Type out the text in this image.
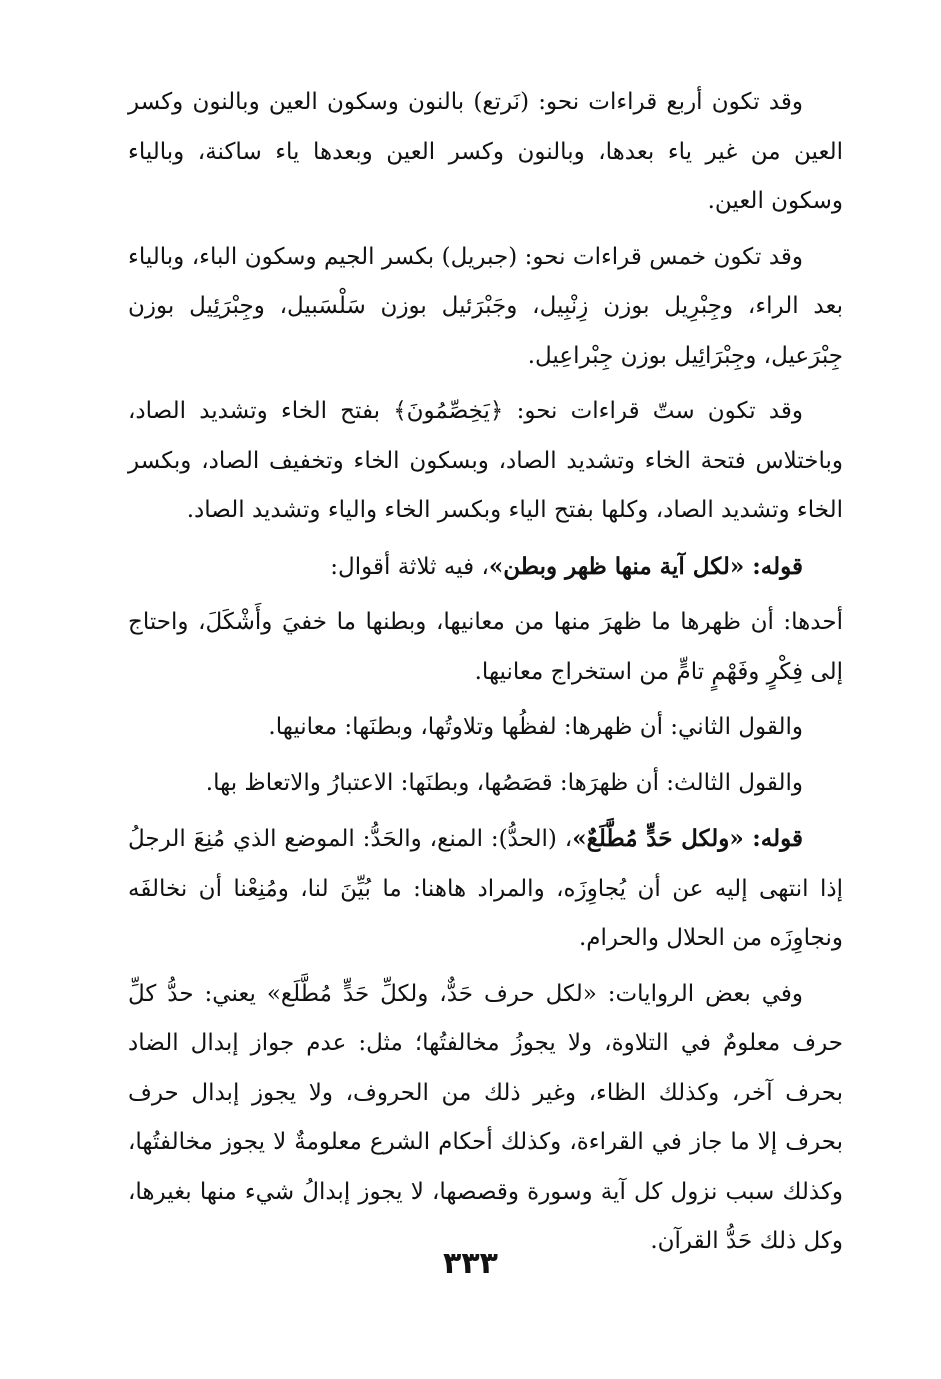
وقد تكون أربع قراءات نحو: (نَرتع) بالنون وسكون العين وبالنون وكسر العين من غير ياء بعدها، وبالنون وكسر العين وبعدها ياء ساكنة، وبالياء وسكون العين.

وقد تكون خمس قراءات نحو: (جبريل) بكسر الجيم وسكون الباء، وبالياء بعد الراء، وجِبْرِيل بوزن زِنْبِيل، وجَبْرَئيل بوزن سَلْسَبيل، وجِبْرَئِيل بوزن جِبْرَعيل، وجِبْرَائِيل بوزن جِبْراعِيل.

وقد تكون ستّ قراءات نحو: ﴿يَخِصِّمُونَ﴾ بفتح الخاء وتشديد الصاد، وباختلاس فتحة الخاء وتشديد الصاد، وبسكون الخاء وتخفيف الصاد، وبكسر الخاء وتشديد الصاد، وكلها بفتح الياء وبكسر الخاء والياء وتشديد الصاد.

قوله: «لكل آية منها ظهر وبطن»، فيه ثلاثة أقوال:

أحدها: أن ظهرها ما ظهرَ منها من معانيها، وبطنها ما خفيَ وأَشْكَلَ، واحتاج إلى فِكْرٍ وفَهْمٍ تامٍّ من استخراج معانيها.

والقول الثاني: أن ظهرها: لفظُها وتلاوتُها، وبطنَها: معانيها.

والقول الثالث: أن ظهرَها: قصَصُها، وبطنَها: الاعتبارُ والاتعاظ بها.

قوله: «ولكل حَدٍّ مُطَّلَعٌ»، (الحدُّ): المنع، والحَدُّ: الموضع الذي مُنِعَ الرجلُ إذا انتهى إليه عن أن يُجاوِزَه، والمراد هاهنا: ما بُيِّنَ لنا، ومُنِعْنا أن نخالفَه ونجاوِزَه من الحلال والحرام.

وفي بعض الروايات: «لكل حرف حَدٌّ، ولكلِّ حَدٍّ مُطَّلَع» يعني: حدُّ كلِّ حرف معلومٌ في التلاوة، ولا يجوزُ مخالفتُها؛ مثل: عدم جواز إبدال الضاد بحرف آخر، وكذلك الظاء، وغير ذلك من الحروف، ولا يجوز إبدال حرف بحرف إلا ما جاز في القراءة، وكذلك أحكام الشرع معلومةٌ لا يجوز مخالفتُها، وكذلك سبب نزول كل آية وسورة وقصصها، لا يجوز إبدالُ شيء منها بغيرها، وكل ذلك حَدُّ القرآن.

٣٣٣
